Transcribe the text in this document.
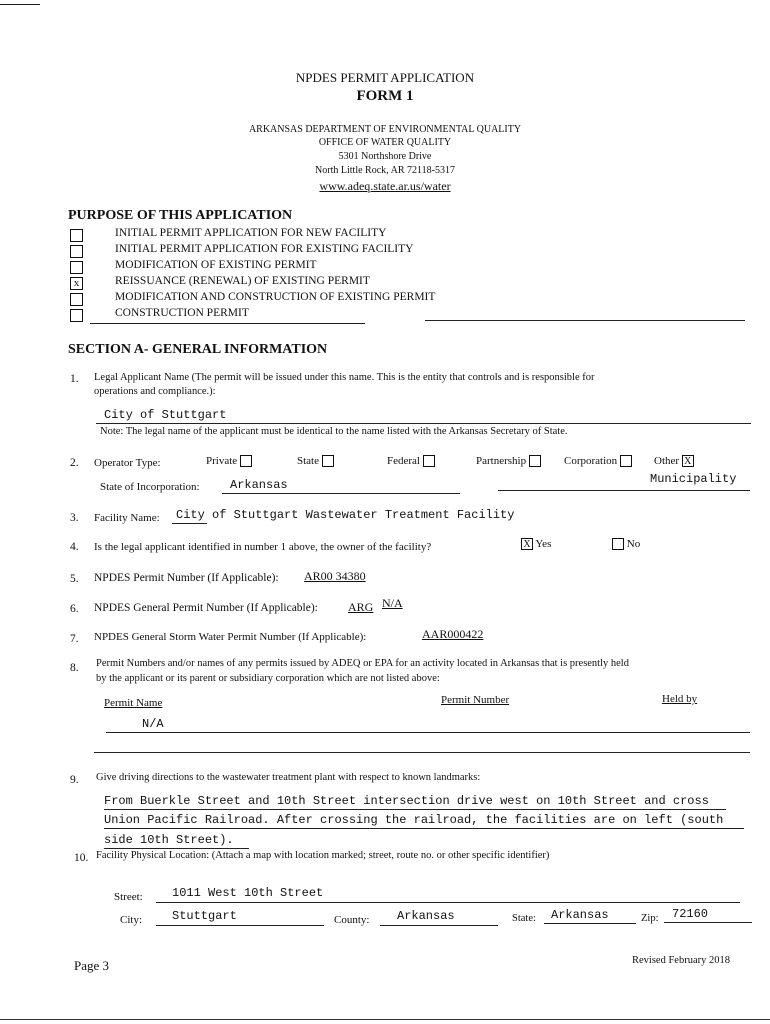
NPDES PERMIT APPLICATION
FORM 1
ARKANSAS DEPARTMENT OF ENVIRONMENTAL QUALITY
OFFICE OF WATER QUALITY
5301 Northshore Drive
North Little Rock, AR 72118-5317
www.adeq.state.ar.us/water
PURPOSE OF THIS APPLICATION
INITIAL PERMIT APPLICATION FOR NEW FACILITY
INITIAL PERMIT APPLICATION FOR EXISTING FACILITY
MODIFICATION OF EXISTING PERMIT
x	REISSUANCE (RENEWAL) OF EXISTING PERMIT
MODIFICATION AND CONSTRUCTION OF EXISTING PERMIT
CONSTRUCTION PERMIT
SECTION A- GENERAL INFORMATION
1. Legal Applicant Name (The permit will be issued under this name. This is the entity that controls and is responsible for
operations and compliance.):
City of Stuttgart
Note: The legal name of the applicant must be identical to the name listed with the Arkansas Secretary of State.
2. Operator Type:	Private	State	Federal	Partnership	Corporation	Other X
State of Incorporation:	Arkansas	Municipality
3. Facility Name: City of Stuttgart Wastewater Treatment Facility
4. Is the legal applicant identified in number 1 above, the owner of the facility?	X Yes	No
5. NPDES Permit Number (If Applicable): AR00 34380
6. NPDES General Permit Number (If Applicable):	ARG N/A
7. NPDES General Storm Water Permit Number (If Applicable):	AAR000422
8. Permit Numbers and/or names of any permits issued by ADEQ or EPA for an activity located in Arkansas that is presently held
by the applicant or its parent or subsidiary corporation which are not listed above:
Permit Name	Permit Number	Held by
N/A
9. Give driving directions to the wastewater treatment plant with respect to known landmarks:
From Buerkle Street and 10th Street intersection drive west on 10th Street and cross
Union Pacific Railroad. After crossing the railroad, the facilities are on left (south
side 10th Street).
10. Facility Physical Location: (Attach a map with location marked; street, route no. or other specific identifier)
Street: 1011 West 10th Street
City: Stuttgart	County: Arkansas	State: Arkansas	Zip: 72160
Page 3	Revised February 2018
